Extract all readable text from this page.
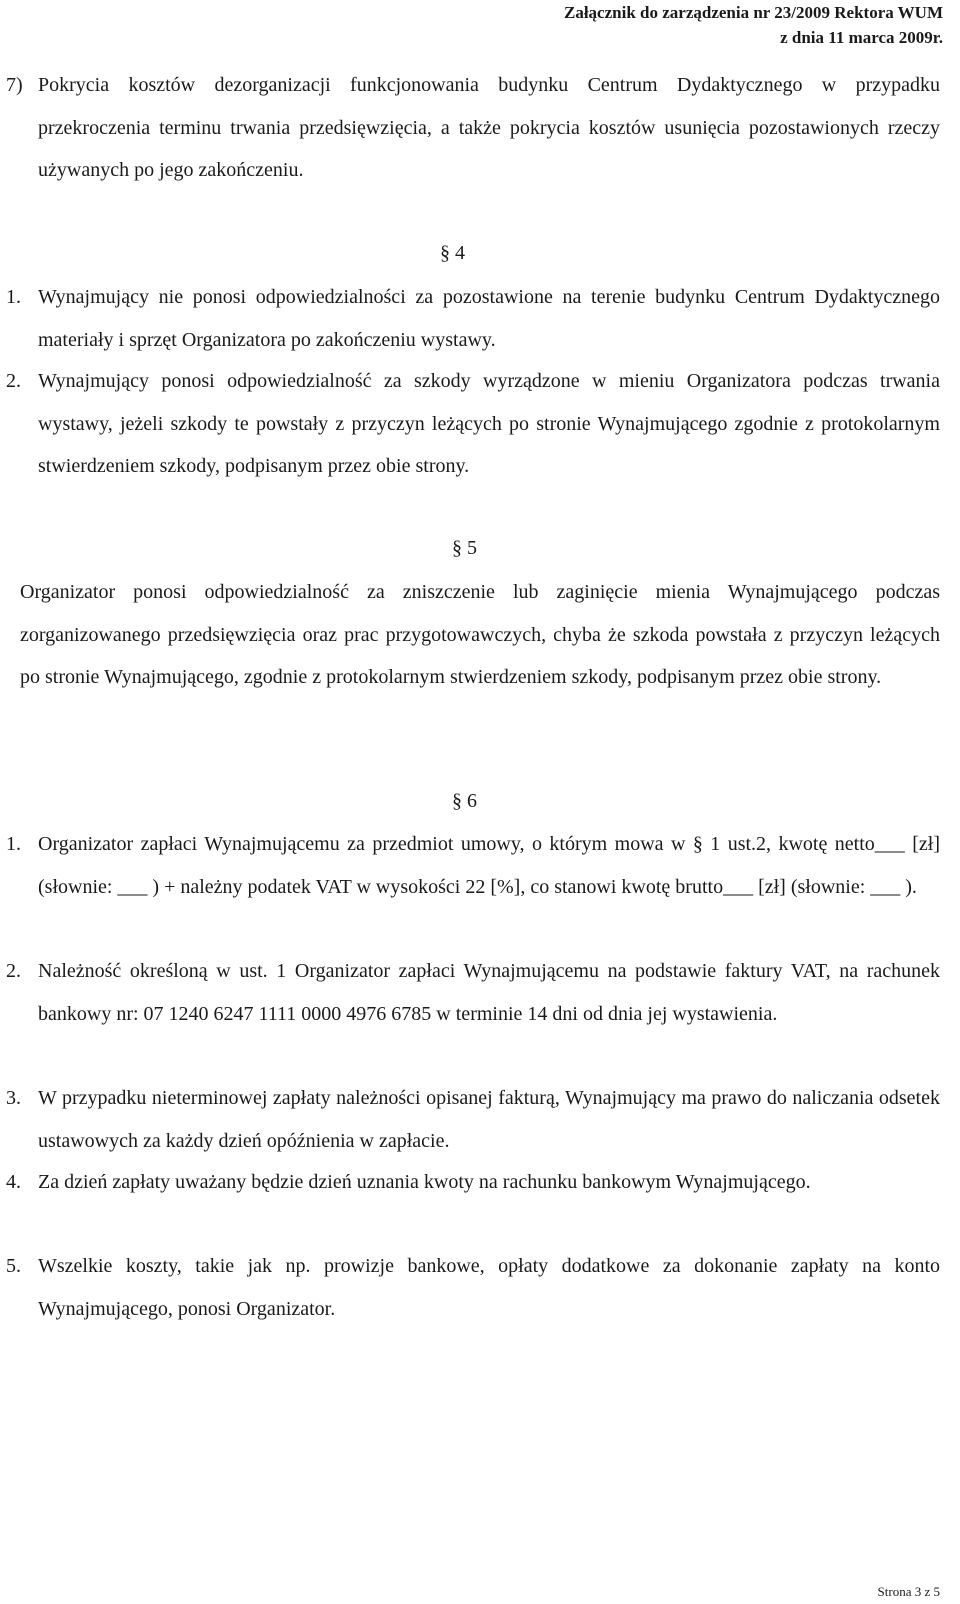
Załącznik do zarządzenia nr 23/2009 Rektora WUM
z dnia 11 marca 2009r.
7) Pokrycia kosztów dezorganizacji funkcjonowania budynku Centrum Dydaktycznego w przypadku przekroczenia terminu trwania przedsięwzięcia, a także pokrycia kosztów usunięcia pozostawionych rzeczy używanych po jego zakończeniu.

§ 4
1. Wynajmujący nie ponosi odpowiedzialności za pozostawione na terenie budynku Centrum Dydaktycznego materiały i sprzęt Organizatora po zakończeniu wystawy.

2. Wynajmujący ponosi odpowiedzialność za szkody wyrządzone w mieniu Organizatora podczas trwania wystawy, jeżeli szkody te powstały z przyczyn leżących po stronie Wynajmującego zgodnie z protokolarnym stwierdzeniem szkody, podpisanym przez obie strony.

§ 5

Organizator ponosi odpowiedzialność za zniszczenie lub zaginięcie mienia Wynajmującego podczas zorganizowanego przedsięwzięcia oraz prac przygotowawczych, chyba że szkoda powstała z przyczyn leżących po stronie Wynajmującego, zgodnie z protokolarnym stwierdzeniem szkody, podpisanym przez obie strony.

§ 6
1. Organizator zapłaci Wynajmującemu za przedmiot umowy, o którym mowa w § 1 ust.2, kwotę netto___ [zł] (słownie: ___ ) + należny podatek VAT w wysokości 22 [%], co stanowi kwotę brutto___ [zł] (słownie: ___ ).

2. Należność określoną w ust. 1 Organizator zapłaci Wynajmującemu na podstawie faktury VAT, na rachunek bankowy nr: 07 1240 6247 1111 0000 4976 6785 w terminie 14 dni od dnia jej wystawienia.

3. W przypadku nieterminowej zapłaty należności opisanej fakturą, Wynajmujący ma prawo do naliczania odsetek ustawowych za każdy dzień opóźnienia w zapłacie.

4. Za dzień zapłaty uważany będzie dzień uznania kwoty na rachunku bankowym Wynajmującego.

5. Wszelkie koszty, takie jak np. prowizje bankowe, opłaty dodatkowe za dokonanie zapłaty na konto Wynajmującego, ponosi Organizator.

Strona 3 z 5
